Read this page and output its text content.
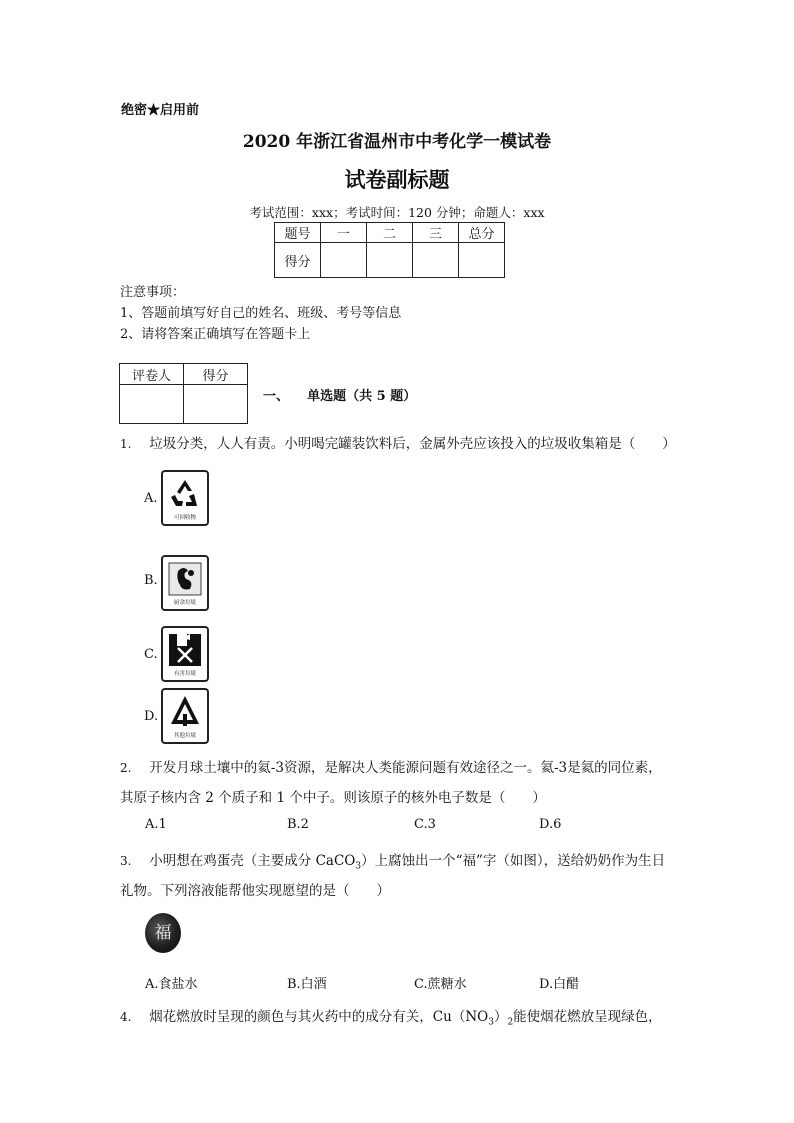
绝密★启用前
2020 年浙江省温州市中考化学一模试卷
试卷副标题
考试范围：xxx；考试时间：120 分钟；命题人：xxx
题号	一	二	三	总分
得分				
注意事项：
1、答题前填写好自己的姓名、班级、考号等信息
2、请将答案正确填写在答题卡上
评卷人	得分

一、 单选题（共 5 题）
1. 垃圾分类，人人有责。小明喝完罐装饮料后，金属外壳应该投入的垃圾收集箱是（　　）
A.
可回收物
B.
厨余垃圾
C.
有害垃圾
D.
其他垃圾
2. 开发月球土壤中的氦-3资源，是解决人类能源问题有效途径之一。氦-3是氦的同位素，
其原子核内含 2 个质子和 1 个中子。则该原子的核外电子数是（　　）
A.1	B.2	C.3	D.6
3. 小明想在鸡蛋壳（主要成分 CaCO$_3$）上腐蚀出一个“福”字（如图），送给奶奶作为生日
礼物。下列溶液能帮他实现愿望的是（　　）
福
A.食盐水	B.白酒	C.蔗糖水	D.白醋
4. 烟花燃放时呈现的颜色与其火药中的成分有关，$Cu(NO_3)_2$能使烟花燃放呈现绿色，
